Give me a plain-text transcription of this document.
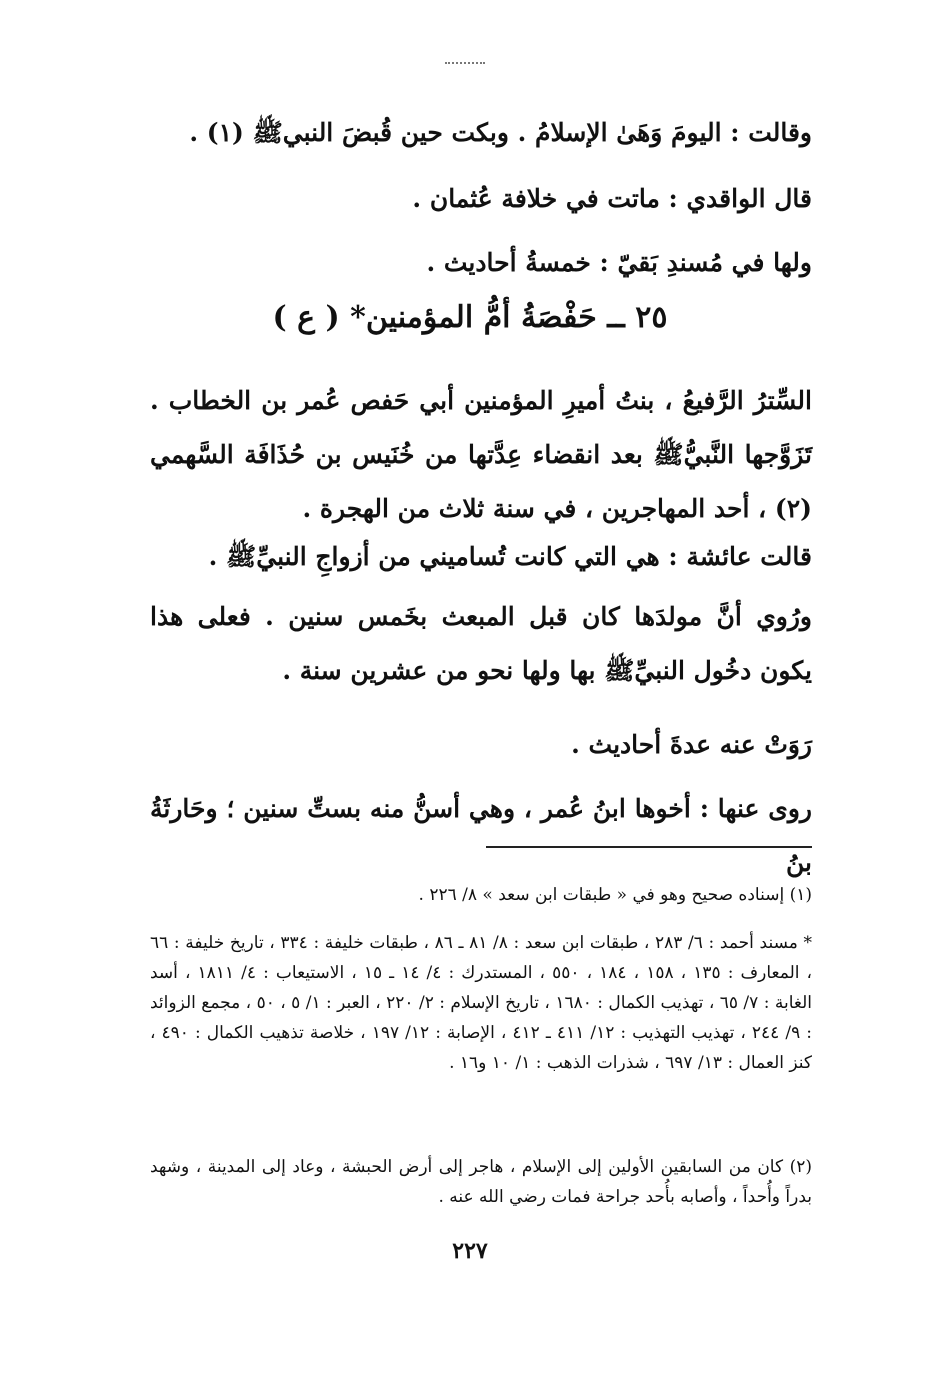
وقالت : اليومَ وَهَىٰ الإسلامُ . وبكت حين قُبضَ النبيﷺ (١) .
قال الواقدي : ماتت في خلافة عُثمان .
ولها في مُسندِ بَقيّ : خمسةُ أحاديث .
٢٥ ــ حَفْصَةُ أمُّ المؤمنين* ( ع )
السِّترُ الرَّفيعُ ، بنتُ أميرِ المؤمنين أبي حَفص عُمر بن الخطاب . تَزَوَّجها النَّبيُّﷺ بعد انقضاء عِدَّتها من خُنَيس بن حُذَافَة السَّهمي (٢) ، أحد المهاجرين ، في سنة ثلاث من الهجرة .
قالت عائشة : هي التي كانت تُساميني من أزواجِ النبيِّﷺ .
ورُوي أنَّ مولدَها كان قبل المبعث بخَمس سنين . فعلى هذا يكون دخُول النبيِّﷺ بها ولها نحو من عشرين سنة .
رَوَتْ عنه عدةَ أحاديث .
روى عنها : أخوها ابنُ عُمر ، وهي أسنُّ منه بستِّ سنين ؛ وحَارثَةُ بنُ
(١) إسناده صحيح وهو في « طبقات ابن سعد » ٨/ ٢٢٦ .
* مسند أحمد : ٦/ ٢٨٣ ، طبقات ابن سعد : ٨/ ٨١ ـ ٨٦ ، طبقات خليفة : ٣٣٤ ، تاريخ خليفة : ٦٦ ، المعارف : ١٣٥ ، ١٥٨ ، ١٨٤ ، ٥٥٠ ، المستدرك : ٤/ ١٤ ـ ١٥ ، الاستيعاب : ٤/ ١٨١١ ، أسد الغابة : ٧/ ٦٥ ، تهذيب الكمال : ١٦٨٠ ، تاريخ الإسلام : ٢/ ٢٢٠ ، العبر : ١/ ٥ ، ٥٠ ، مجمع الزوائد : ٩/ ٢٤٤ ، تهذيب التهذيب : ١٢/ ٤١١ ـ ٤١٢ ، الإصابة : ١٢/ ١٩٧ ، خلاصة تذهيب الكمال : ٤٩٠ ، كنز العمال : ١٣/ ٦٩٧ ، شذرات الذهب : ١/ ١٠ و١٦ .
(٢) كان من السابقين الأولين إلى الإسلام ، هاجر إلى أرض الحبشة ، وعاد إلى المدينة ، وشهد بدراً وأُحداً ، وأصابه بأُحد جراحة فمات رضي الله عنه .
٢٢٧
